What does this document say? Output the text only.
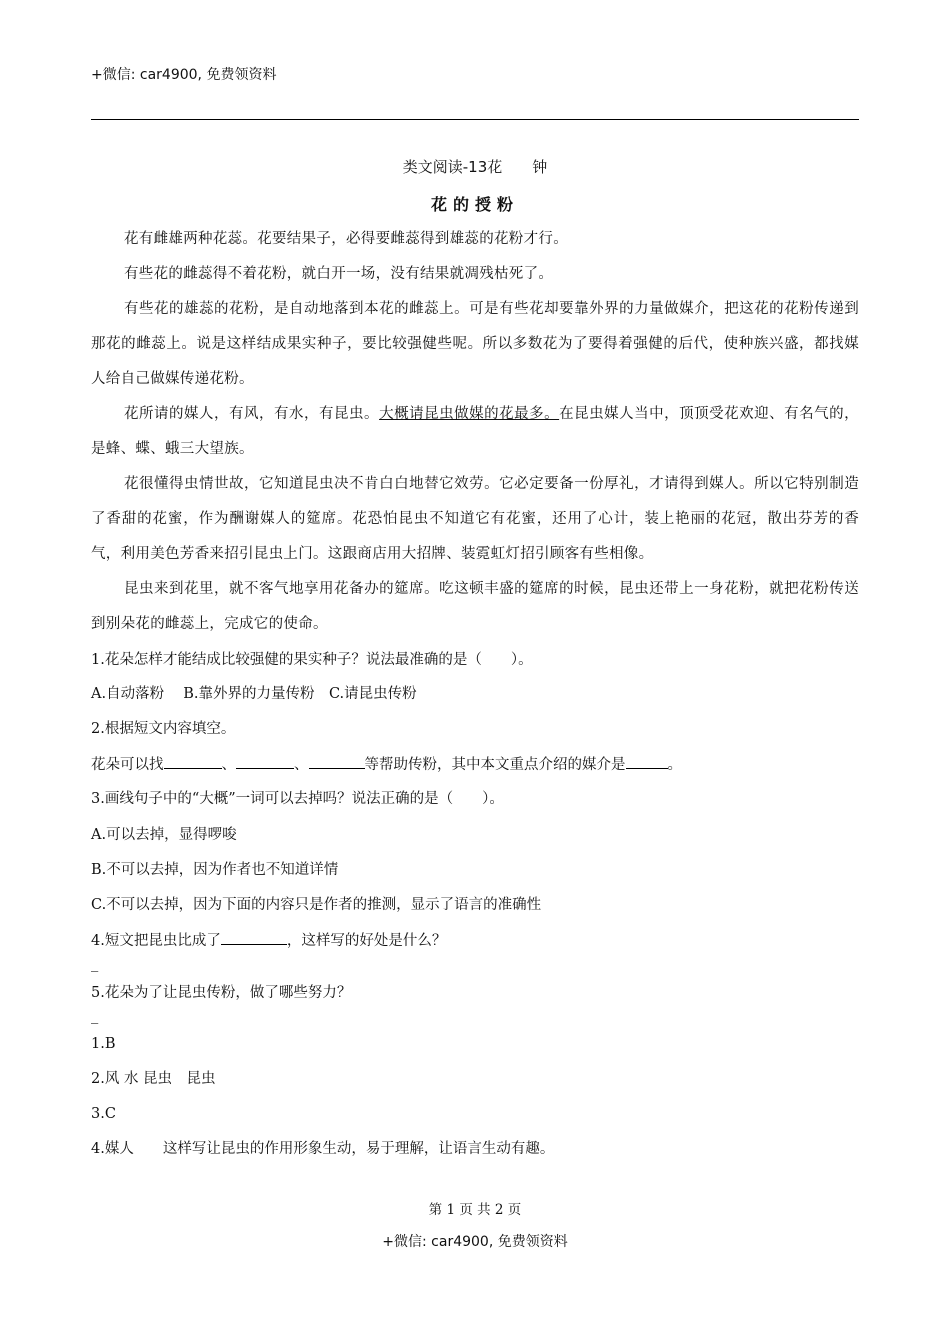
+微信: car4900, 免费领资料
类文阅读-13花　　钟
花的授粉
花有雌雄两种花蕊。花要结果子，必得要雌蕊得到雄蕊的花粉才行。
有些花的雌蕊得不着花粉，就白开一场，没有结果就凋残枯死了。
有些花的雄蕊的花粉，是自动地落到本花的雌蕊上。可是有些花却要靠外界的力量做媒介，把这花的花粉传递到那花的雌蕊上。说是这样结成果实种子，要比较强健些呢。所以多数花为了要得着强健的后代，使种族兴盛，都找媒人给自己做媒传递花粉。
花所请的媒人，有风，有水，有昆虫。大概请昆虫做媒的花最多。在昆虫媒人当中，顶顶受花欢迎、有名气的，是蜂、蝶、蛾三大望族。
花很懂得虫情世故，它知道昆虫决不肯白白地替它效劳。它必定要备一份厚礼，才请得到媒人。所以它特别制造了香甜的花蜜，作为酬谢媒人的筵席。花恐怕昆虫不知道它有花蜜，还用了心计，装上艳丽的花冠，散出芬芳的香气，利用美色芳香来招引昆虫上门。这跟商店用大招牌、装霓虹灯招引顾客有些相像。
昆虫来到花里，就不客气地享用花备办的筵席。吃这顿丰盛的筵席的时候，昆虫还带上一身花粉，就把花粉传送到别朵花的雌蕊上，完成它的使命。
1.花朵怎样才能结成比较强健的果实种子？说法最准确的是（　　）。
A.自动落粉　 B.靠外界的力量传粉　C.请昆虫传粉
2.根据短文内容填空。
花朵可以找	、	、	等帮助传粉，其中本文重点介绍的媒介是	。
3.画线句子中的“大概”一词可以去掉吗？说法正确的是（　　）。
A.可以去掉，显得啰唆
B.不可以去掉，因为作者也不知道详情
C.不可以去掉，因为下面的内容只是作者的推测，显示了语言的准确性
4.短文把昆虫比成了	，这样写的好处是什么？
_
5.花朵为了让昆虫传粉，做了哪些努力？
_
1.B
2.风 水 昆虫　昆虫
3.C
4.媒人　　这样写让昆虫的作用形象生动，易于理解，让语言生动有趣。
第 1 页 共 2 页
+微信: car4900, 免费领资料
